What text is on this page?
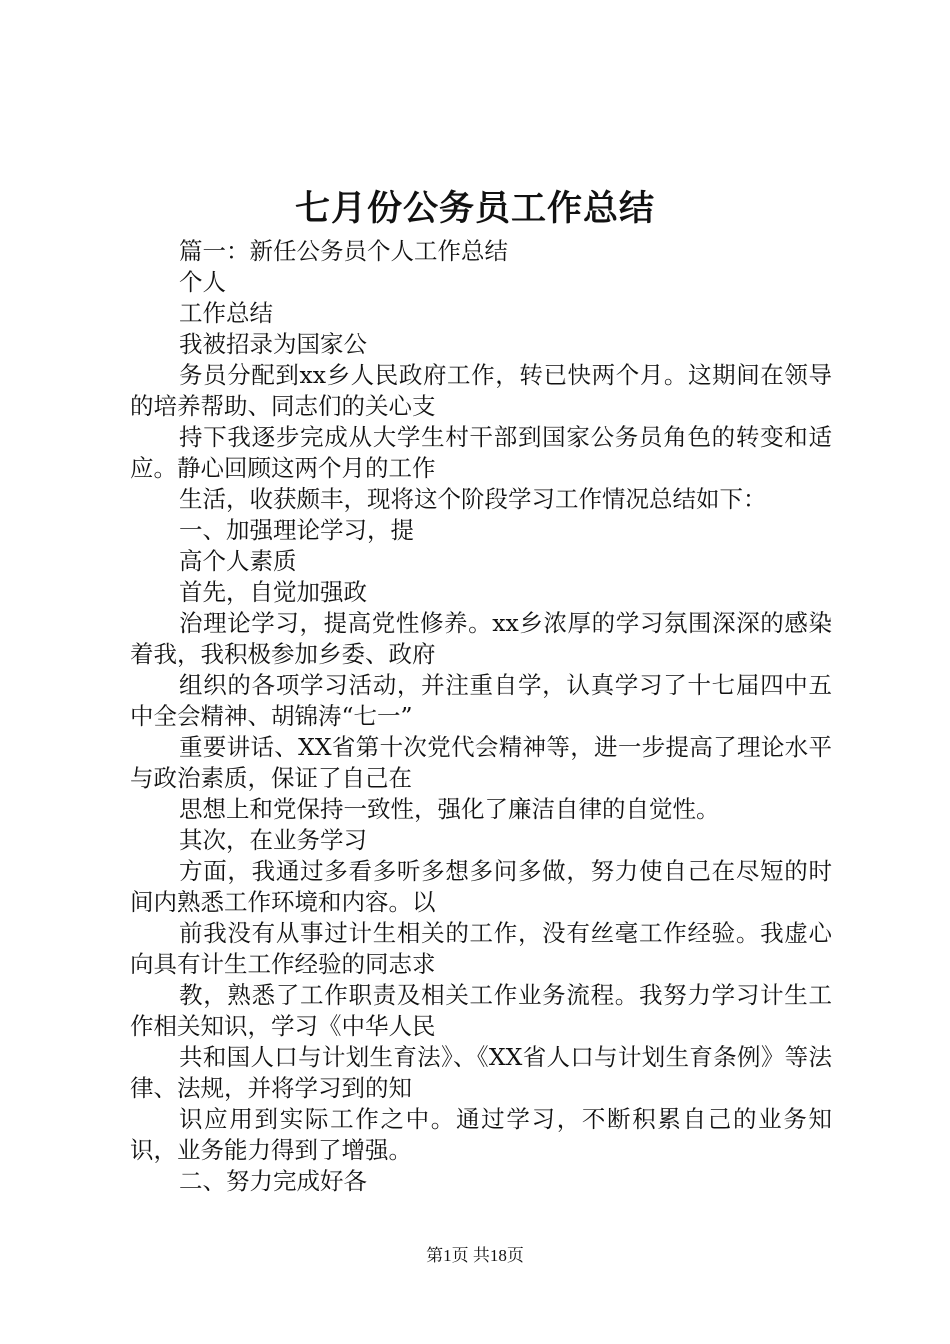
七月份公务员工作总结

篇一：新任公务员个人工作总结

个人

工作总结

我被招录为国家公

务员分配到xx乡人民政府工作，转已快两个月。这期间在领导的培养帮助、同志们的关心支

持下我逐步完成从大学生村干部到国家公务员角色的转变和适应。静心回顾这两个月的工作

生活，收获颇丰，现将这个阶段学习工作情况总结如下：

一、加强理论学习，提

高个人素质

首先，自觉加强政

治理论学习，提高党性修养。xx乡浓厚的学习氛围深深的感染着我，我积极参加乡委、政府

组织的各项学习活动，并注重自学，认真学习了十七届四中五中全会精神、胡锦涛“七一”

重要讲话、XX省第十次党代会精神等，进一步提高了理论水平与政治素质，保证了自己在

思想上和党保持一致性，强化了廉洁自律的自觉性。

其次，在业务学习

方面，我通过多看多听多想多问多做，努力使自己在尽短的时间内熟悉工作环境和内容。以

前我没有从事过计生相关的工作，没有丝毫工作经验。我虚心向具有计生工作经验的同志求

教，熟悉了工作职责及相关工作业务流程。我努力学习计生工作相关知识，学习《中华人民

共和国人口与计划生育法》、《XX省人口与计划生育条例》等法律、法规，并将学习到的知

识应用到实际工作之中。通过学习，不断积累自己的业务知识，业务能力得到了增强。

二、努力完成好各

第1页 共18页
